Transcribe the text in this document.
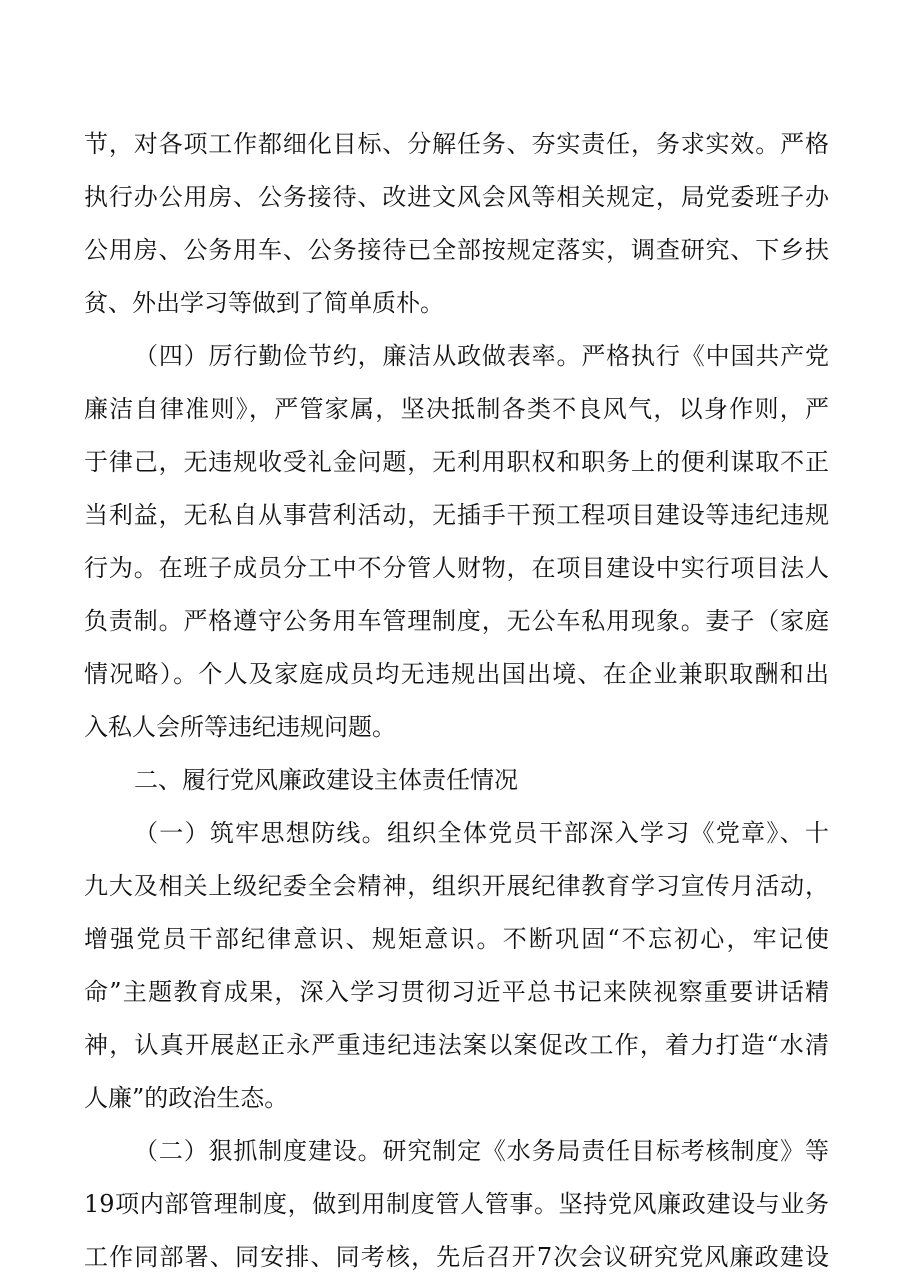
节，对各项工作都细化目标、分解任务、夯实责任，务求实效。严格
执行办公用房、公务接待、改进文风会风等相关规定，局党委班子办
公用房、公务用车、公务接待已全部按规定落实，调查研究、下乡扶
贫、外出学习等做到了简单质朴。
（四）厉行勤俭节约，廉洁从政做表率。严格执行《中国共产党
廉洁自律准则》，严管家属，坚决抵制各类不良风气，以身作则，严
于律己，无违规收受礼金问题，无利用职权和职务上的便利谋取不正
当利益，无私自从事营利活动，无插手干预工程项目建设等违纪违规
行为。在班子成员分工中不分管人财物，在项目建设中实行项目法人
负责制。严格遵守公务用车管理制度，无公车私用现象。妻子（家庭
情况略）。个人及家庭成员均无违规出国出境、在企业兼职取酬和出
入私人会所等违纪违规问题。
二、履行党风廉政建设主体责任情况
（一）筑牢思想防线。组织全体党员干部深入学习《党章》、十
九大及相关上级纪委全会精神，组织开展纪律教育学习宣传月活动，
增强党员干部纪律意识、规矩意识。不断巩固“不忘初心，牢记使
命”主题教育成果，深入学习贯彻习近平总书记来陕视察重要讲话精
神，认真开展赵正永严重违纪违法案以案促改工作，着力打造“水清
人廉”的政治生态。
（二）狠抓制度建设。研究制定《水务局责任目标考核制度》等
19项内部管理制度，做到用制度管人管事。坚持党风廉政建设与业务
工作同部署、同安排、同考核，先后召开7次会议研究党风廉政建设
